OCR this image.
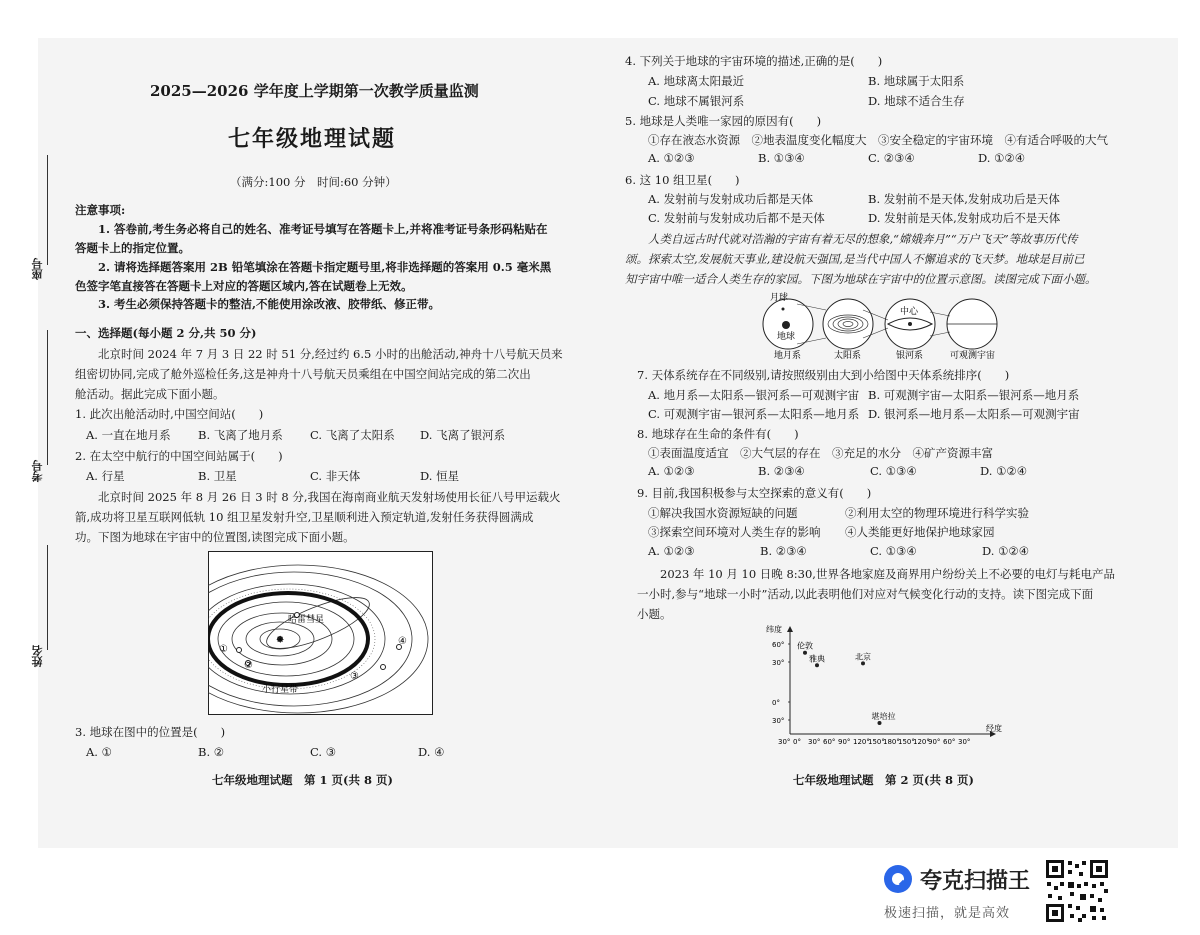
座号
考号
姓名
2025—2026 学年度上学期第一次教学质量监测
七年级地理试题
（满分:100 分　时间:60 分钟）
注意事项:
1. 答卷前,考生务必将自己的姓名、准考证号填写在答题卡上,并将准考证号条形码粘贴在
答题卡上的指定位置。
2. 请将选择题答案用 2B 铅笔填涂在答题卡指定题号里,将非选择题的答案用 0.5 毫米黑
色签字笔直接答在答题卡上对应的答题区域内,答在试题卷上无效。
3. 考生必须保持答题卡的整洁,不能使用涂改液、胶带纸、修正带。
一、选择题(每小题 2 分,共 50 分)
北京时间 2024 年 7 月 3 日 22 时 51 分,经过约 6.5 小时的出舱活动,神舟十八号航天员来
组密切协同,完成了舱外巡检任务,这是神舟十八号航天员乘组在中国空间站完成的第二次出
舱活动。据此完成下面小题。
1. 此次出舱活动时,中国空间站(　　)
A. 一直在地月系 B. 飞离了地月系 C. 飞离了太阳系 D. 飞离了银河系
2. 在太空中航行的中国空间站属于(　　)
A. 行星	B. 卫星	C. 非天体	D. 恒星
北京时间 2025 年 8 月 26 日 3 时 8 分,我国在海南商业航天发射场使用长征八号甲运载火
箭,成功将卫星互联网低轨 10 组卫星发射升空,卫星顺利进入预定轨道,发射任务获得圆满成
功。下图为地球在宇宙中的位置图,读图完成下面小题。
✳
哈雷彗星
小行星带
①
②
③
④
3. 地球在图中的位置是(　　)
A. ①	B. ②	C. ③	D. ④
七年级地理试题　第 1 页(共 8 页)
4. 下列关于地球的宇宙环境的描述,正确的是(　　)
A. 地球离太阳最近	B. 地球属于太阳系
C. 地球不属银河系	D. 地球不适合生存
5. 地球是人类唯一家园的原因有(　　)
①存在液态水资源　②地表温度变化幅度大　③安全稳定的宇宙环境　④有适合呼吸的大气
A. ①②③	B. ①③④	C. ②③④	D. ①②④
6. 这 10 组卫星(　　)
A. 发射前与发射成功后都是天体	B. 发射前不是天体,发射成功后是天体
C. 发射前与发射成功后都不是天体	D. 发射前是天体,发射成功后不是天体
人类自远古时代就对浩瀚的宇宙有着无尽的想象,“嫦娥奔月”“万户飞天”等故事历代传
颂。探索太空,发展航天事业,建设航天强国,是当代中国人不懈追求的飞天梦。地球是目前已
知宇宙中唯一适合人类生存的家园。下图为地球在宇宙中的位置示意图。读图完成下面小题。
月球
地球
中心
地月系	太阳系	银河系	可观测宇宙
7. 天体系统存在不同级别,请按照级别由大到小给图中天体系统排序(　　)
A. 地月系—太阳系—银河系—可观测宇宙 B. 可观测宇宙—太阳系—银河系—地月系
C. 可观测宇宙—银河系—太阳系—地月系 D. 银河系—地月系—太阳系—可观测宇宙
8. 地球存在生命的条件有(　　)
①表面温度适宜　②大气层的存在　③充足的水分　④矿产资源丰富
A. ①②③	B. ②③④	C. ①③④	D. ①②④
9. 目前,我国积极参与太空探索的意义有(　　)
①解决我国水资源短缺的问题	②利用太空的物理环境进行科学实验
③探索空间环境对人类生存的影响 ④人类能更好地保护地球家园
A. ①②③	B. ②③④	C. ①③④	D. ①②④
2023 年 10 月 10 日晚 8:30,世界各地家庭及商界用户纷纷关上不必要的电灯与耗电产品
一小时,参与“地球一小时”活动,以此表明他们对应对气候变化行动的支持。读下图完成下面
小题。
纬度
经度
60°
30°
0°
30°
30° 0° 30° 60° 90° 120°
150°
180°
150°
120°
90° 60° 30°
伦敦
雅典	北京
堪培拉
七年级地理试题　第 2 页(共 8 页)
夸克扫描王
极速扫描，就是高效
